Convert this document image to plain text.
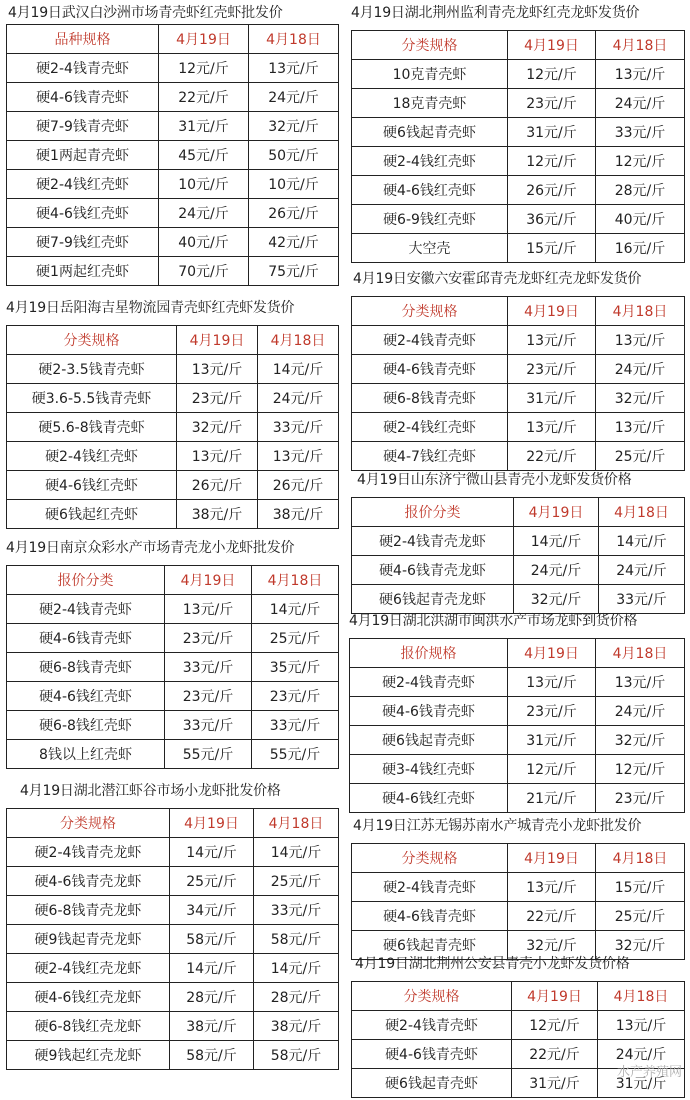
4月19日武汉白沙洲市场青壳虾红壳虾批发价
品种规格	4月19日	4月18日
硬2-4钱青壳虾	12元/斤	13元/斤
硬4-6钱青壳虾	22元/斤	24元/斤
硬7-9钱青壳虾	31元/斤	32元/斤
硬1两起青壳虾	45元/斤	50元/斤
硬2-4钱红壳虾	10元/斤	10元/斤
硬4-6钱红壳虾	24元/斤	26元/斤
硬7-9钱红壳虾	40元/斤	42元/斤
硬1两起红壳虾	70元/斤	75元/斤
4月19日岳阳海吉星物流园青壳虾红壳虾发货价
分类规格	4月19日	4月18日
硬2-3.5钱青壳虾	13元/斤	14元/斤
硬3.6-5.5钱青壳虾	23元/斤	24元/斤
硬5.6-8钱青壳虾	32元/斤	33元/斤
硬2-4钱红壳虾	13元/斤	13元/斤
硬4-6钱红壳虾	26元/斤	26元/斤
硬6钱起红壳虾	38元/斤	38元/斤
4月19日南京众彩水产市场青壳龙小龙虾批发价
报价分类	4月19日	4月18日
硬2-4钱青壳虾	13元/斤	14元/斤
硬4-6钱青壳虾	23元/斤	25元/斤
硬6-8钱青壳虾	33元/斤	35元/斤
硬4-6钱红壳虾	23元/斤	23元/斤
硬6-8钱红壳虾	33元/斤	33元/斤
8钱以上红壳虾	55元/斤	55元/斤
4月19日湖北潜江虾谷市场小龙虾批发价格
分类规格	4月19日	4月18日
硬2-4钱青壳龙虾	14元/斤	14元/斤
硬4-6钱青壳龙虾	25元/斤	25元/斤
硬6-8钱青壳龙虾	34元/斤	33元/斤
硬9钱起青壳龙虾	58元/斤	58元/斤
硬2-4钱红壳龙虾	14元/斤	14元/斤
硬4-6钱红壳龙虾	28元/斤	28元/斤
硬6-8钱红壳龙虾	38元/斤	38元/斤
硬9钱起红壳龙虾	58元/斤	58元/斤
4月19日湖北荆州监利青壳龙虾红壳龙虾发货价
分类规格	4月19日	4月18日
10克青壳虾	12元/斤	13元/斤
18克青壳虾	23元/斤	24元/斤
硬6钱起青壳虾	31元/斤	33元/斤
硬2-4钱红壳虾	12元/斤	12元/斤
硬4-6钱红壳虾	26元/斤	28元/斤
硬6-9钱红壳虾	36元/斤	40元/斤
大空壳	15元/斤	16元/斤
4月19日安徽六安霍邱青壳龙虾红壳龙虾发货价
分类规格	4月19日	4月18日
硬2-4钱青壳虾	13元/斤	13元/斤
硬4-6钱青壳虾	23元/斤	24元/斤
硬6-8钱青壳虾	31元/斤	32元/斤
硬2-4钱红壳虾	13元/斤	13元/斤
硬4-7钱红壳虾	22元/斤	25元/斤
4月19日山东济宁微山县青壳小龙虾发货价格
报价分类	4月19日	4月18日
硬2-4钱青壳龙虾	14元/斤	14元/斤
硬4-6钱青壳龙虾	24元/斤	24元/斤
硬6钱起青壳龙虾	32元/斤	33元/斤
4月19日湖北洪湖市闽洪水产市场龙虾到货价格
报价规格	4月19日	4月18日
硬2-4钱青壳虾	13元/斤	13元/斤
硬4-6钱青壳虾	23元/斤	24元/斤
硬6钱起青壳虾	31元/斤	32元/斤
硬3-4钱红壳虾	12元/斤	12元/斤
硬4-6钱红壳虾	21元/斤	23元/斤
4月19日江苏无锡苏南水产城青壳小龙虾批发价
分类规格	4月19日	4月18日
硬2-4钱青壳虾	13元/斤	15元/斤
硬4-6钱青壳虾	22元/斤	25元/斤
硬6钱起青壳虾	32元/斤	32元/斤
4月19日湖北荆州公安县青壳小龙虾发货价格
分类规格	4月19日	4月18日
硬2-4钱青壳虾	12元/斤	13元/斤
硬4-6钱青壳虾	22元/斤	24元/斤
硬6钱起青壳虾	31元/斤	31元/斤
水产养殖网
